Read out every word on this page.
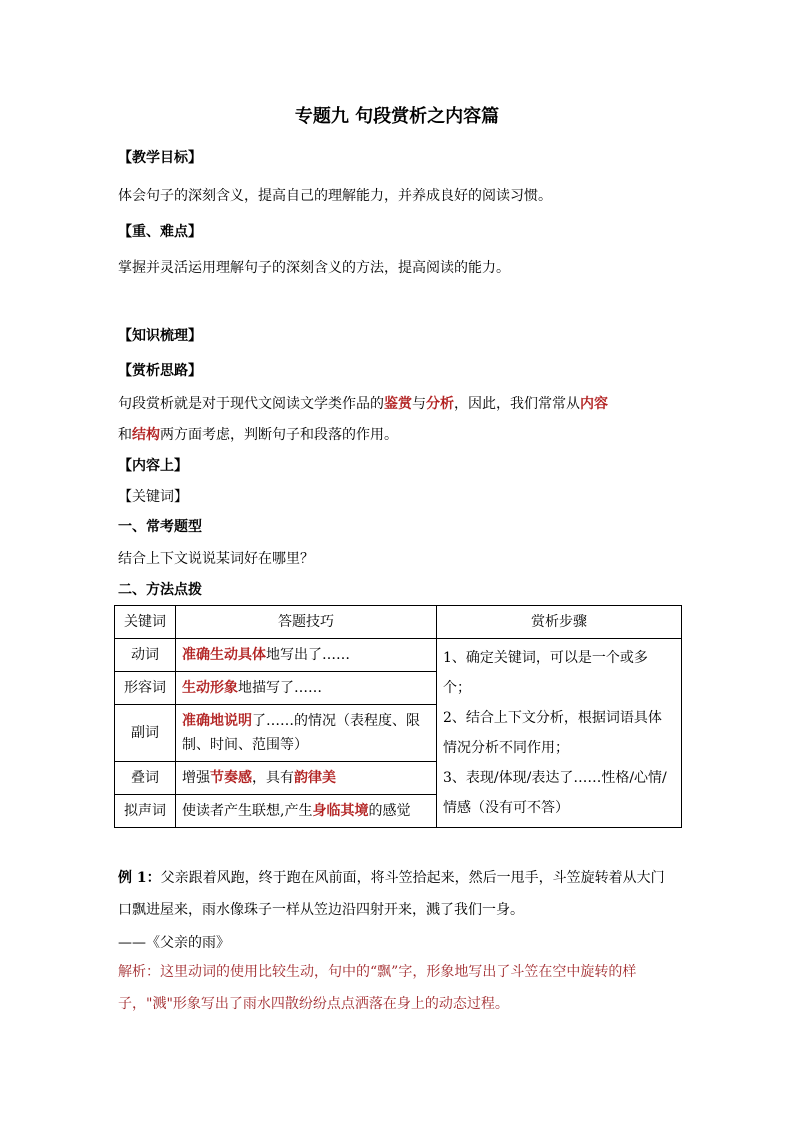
专题九 句段赏析之内容篇
【教学目标】
体会句子的深刻含义，提高自己的理解能力，并养成良好的阅读习惯。
【重、难点】
掌握并灵活运用理解句子的深刻含义的方法，提高阅读的能力。
【知识梳理】
【赏析思路】
句段赏析就是对于现代文阅读文学类作品的鉴赏与分析，因此，我们常常从内容
和结构两方面考虑，判断句子和段落的作用。
【内容上】
【关键词】
一、常考题型
结合上下文说说某词好在哪里？
二、方法点拨
关键词	答题技巧	赏析步骤
动词	准确生动具体地写出了……	1、确定关键词，可以是一个或多个；
2、结合上下文分析，根据词语具体情况分析不同作用；
3、表现/体现/表达了……性格/心情/情感（没有可不答）

形容词	生动形象地描写了……	
副词	准确地说明了……的情况（表程度、限制、时间、范围等）	
叠词	增强节奏感，具有韵律美	
拟声词	使读者产生联想,产生身临其境的感觉	
例 1：父亲跟着风跑，终于跑在风前面，将斗笠拾起来，然后一甩手，斗笠旋转着从大门口飘进屋来，雨水像珠子一样从笠边沿四射开来，溅了我们一身。
——《父亲的雨》
解析：这里动词的使用比较生动，句中的“飘”字，形象地写出了斗笠在空中旋转的样子，"溅"形象写出了雨水四散纷纷点点洒落在身上的动态过程。
